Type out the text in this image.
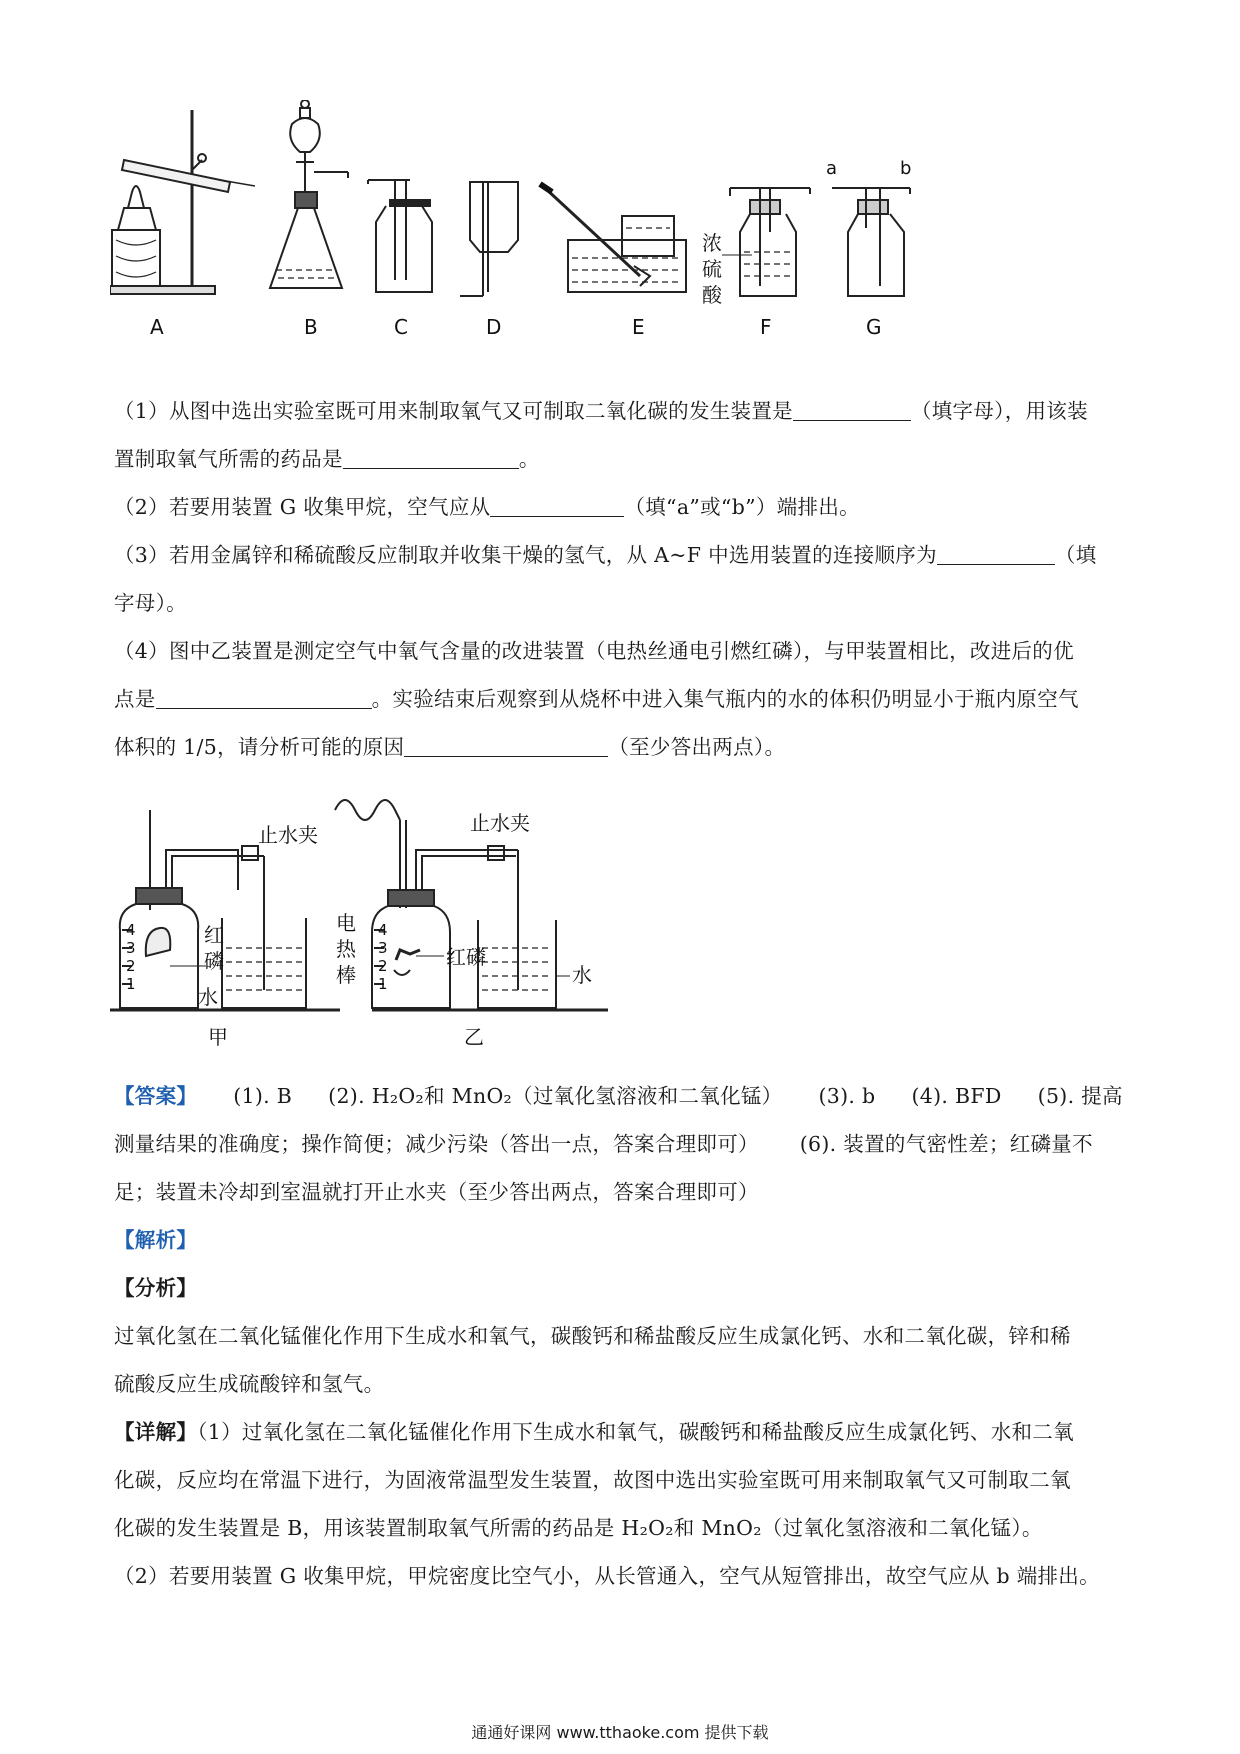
浓
硫
酸
a	b
A	B	C	D	E	F	G

（1）从图中选出实验室既可用来制取氧气又可制取二氧化碳的发生装置是	（填字母），用该装
置制取氧气所需的药品是	。

（2）若要用装置 G 收集甲烷，空气应从	（填“a”或“b”）端排出。

（3）若用金属锌和稀硫酸反应制取并收集干燥的氢气，从 A~F 中选用装置的连接顺序为	（填
字母）。

（4）图中乙装置是测定空气中氧气含量的改进装置（电热丝通电引燃红磷），与甲装置相比，改进后的优
点是	。实验结束后观察到从烧杯中进入集气瓶内的水的体积仍明显小于瓶内原空气
体积的 1/5，请分析可能的原因	（至少答出两点）。

止水夹
4
3
2
1
红
磷
水
甲
止水夹
电
热
棒
4
3
2
1
红磷
水
乙

【答案】 (1). B (2). H₂O₂和 MnO₂（过氧化氢溶液和二氧化锰） (3). b (4). BFD (5). 提高
测量结果的准确度；操作简便；减少污染（答出一点，答案合理即可） (6). 装置的气密性差；红磷量不
足；装置未冷却到室温就打开止水夹（至少答出两点，答案合理即可）

【解析】
【分析】
过氧化氢在二氧化锰催化作用下生成水和氧气，碳酸钙和稀盐酸反应生成氯化钙、水和二氧化碳，锌和稀
硫酸反应生成硫酸锌和氢气。

【详解】（1）过氧化氢在二氧化锰催化作用下生成水和氧气，碳酸钙和稀盐酸反应生成氯化钙、水和二氧
化碳，反应均在常温下进行，为固液常温型发生装置，故图中选出实验室既可用来制取氧气又可制取二氧
化碳的发生装置是 B，用该装置制取氧气所需的药品是 H₂O₂和 MnO₂（过氧化氢溶液和二氧化锰）。
（2）若要用装置 G 收集甲烷，甲烷密度比空气小，从长管通入，空气从短管排出，故空气应从 b 端排出。

通通好课网 www.tthaoke.com 提供下载
